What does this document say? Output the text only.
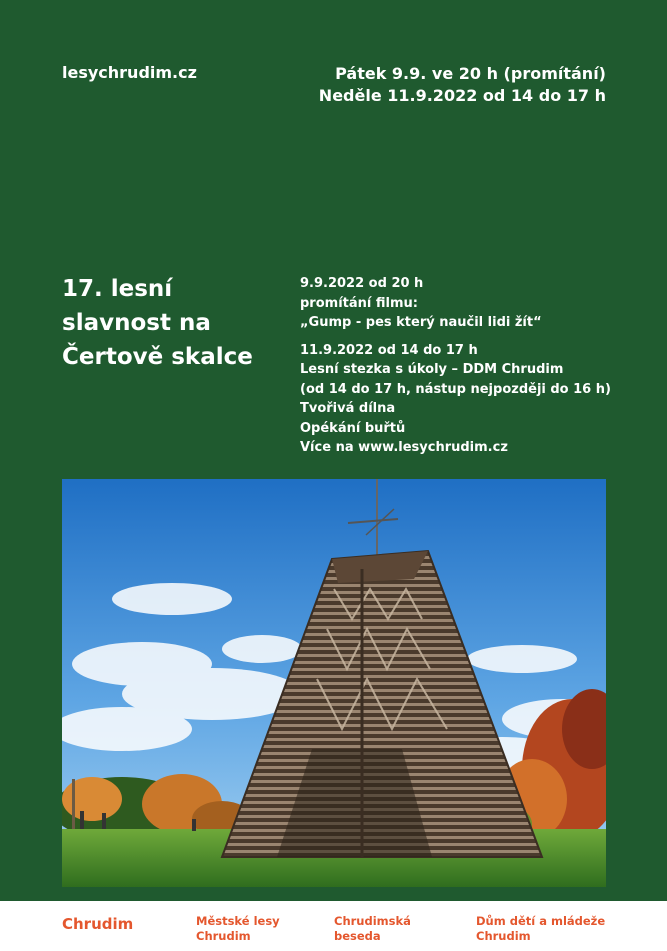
lesychrudim.cz	Pátek 9.9. ve 20 h (promítání)
Neděle 11.9.2022 od 14 do 17 h
17. lesní
slavnost na
Čertově skalce
9.9.2022 od 20 h
promítání filmu:
„Gump - pes který naučil lidi žít“
11.9.2022 od 14 do 17 h
Lesní stezka s úkoly – DDM Chrudim
(od 14 do 17 h, nástup nejpozději do 16 h)
Tvořivá dílna
Opékání buřtů
Více na www.lesychrudim.cz
Chrudim	Městské lesy
Chrudim
Chrudimská
beseda
Dům dětí a mládeže
Chrudim
